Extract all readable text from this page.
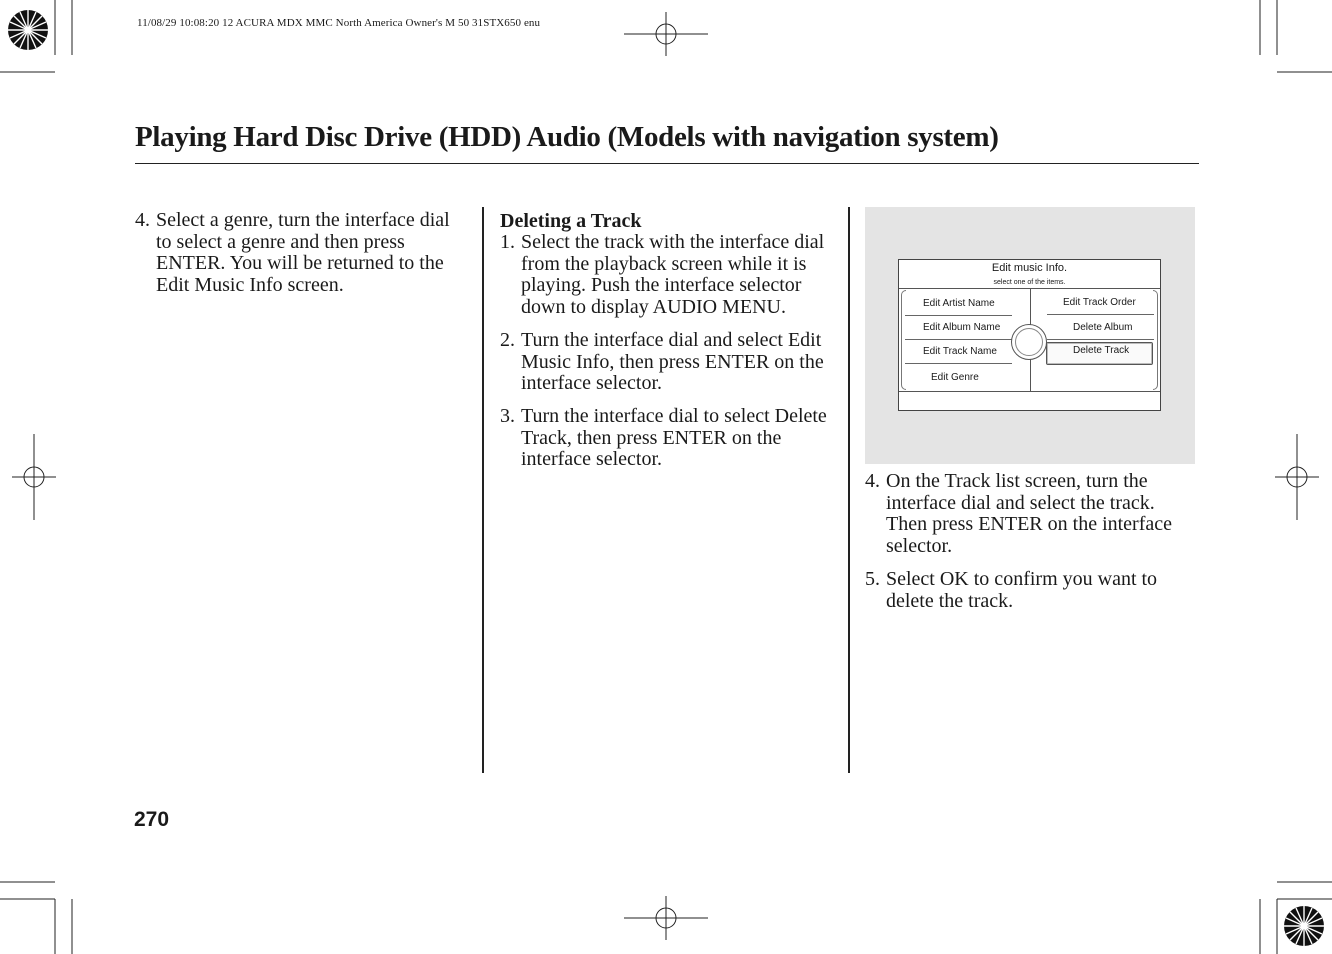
11/08/29 10:08:20 12 ACURA MDX MMC North America Owner's M 50 31STX650 enu
Playing Hard Disc Drive (HDD) Audio (Models with navigation system)
4. Select a genre, turn the interface dial to select a genre and then press ENTER. You will be returned to the Edit Music Info screen.
Deleting a Track
1. Select the track with the interface dial from the playback screen while it is playing. Push the interface selector down to display AUDIO MENU.
2. Turn the interface dial and select Edit Music Info, then press ENTER on the interface selector.
3. Turn the interface dial to select Delete Track, then press ENTER on the interface selector.
Edit music Info.
select one of the items.
Edit Artist Name
Edit Album Name
Edit Track Name
Edit Genre
Edit Track Order
Delete Album
Delete Track
4. On the Track list screen, turn the interface dial and select the track. Then press ENTER on the interface selector.
5. Select OK to confirm you want to delete the track.
270
